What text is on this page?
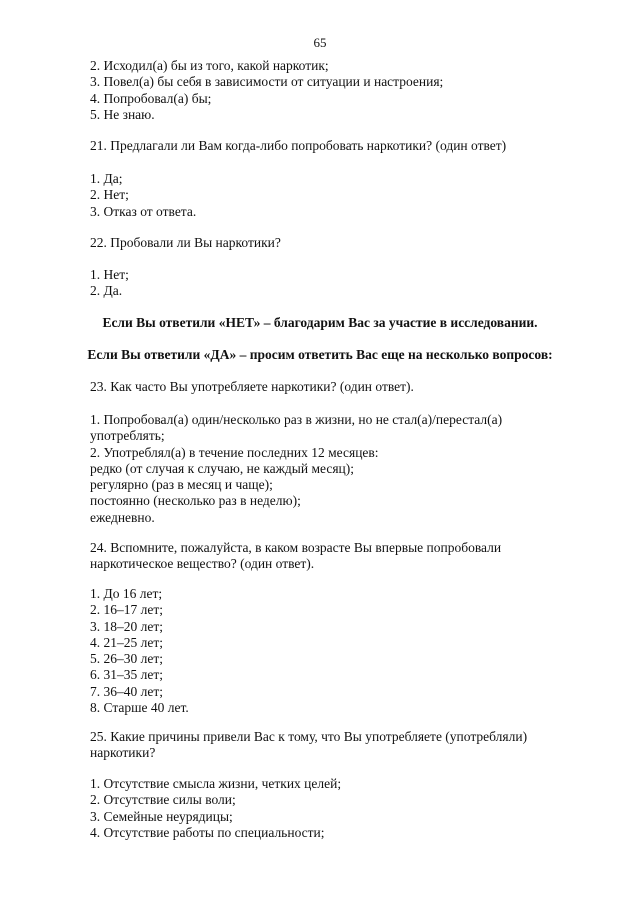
65
2. Исходил(а) бы из того, какой наркотик;
3. Повел(а) бы себя в зависимости от ситуации и настроения;
4. Попробовал(а) бы;
5. Не знаю.
21. Предлагали ли Вам когда-либо попробовать наркотики? (один ответ)
1. Да;
2. Нет;
3. Отказ от ответа.
22. Пробовали ли Вы наркотики?
1. Нет;
2. Да.
Если Вы ответили «НЕТ» – благодарим Вас за участие в исследовании.
Если Вы ответили «ДА» – просим ответить Вас еще на несколько вопросов:
23. Как часто Вы употребляете наркотики? (один ответ).
1. Попробовал(а) один/несколько раз в жизни, но не стал(а)/перестал(а) употреблять;
2. Употреблял(а) в течение последних 12 месяцев:
редко (от случая к случаю, не каждый месяц);
регулярно (раз в месяц и чаще);
постоянно (несколько раз в неделю);
ежедневно.
24. Вспомните, пожалуйста, в каком возрасте Вы впервые попробовали наркотическое вещество? (один ответ).
1. До 16 лет;
2. 16–17 лет;
3. 18–20 лет;
4. 21–25 лет;
5. 26–30 лет;
6. 31–35 лет;
7. 36–40 лет;
8. Старше 40 лет.
25. Какие причины привели Вас к тому, что Вы употребляете (употребляли) наркотики?
1. Отсутствие смысла жизни, четких целей;
2. Отсутствие силы воли;
3. Семейные неурядицы;
4. Отсутствие работы по специальности;
